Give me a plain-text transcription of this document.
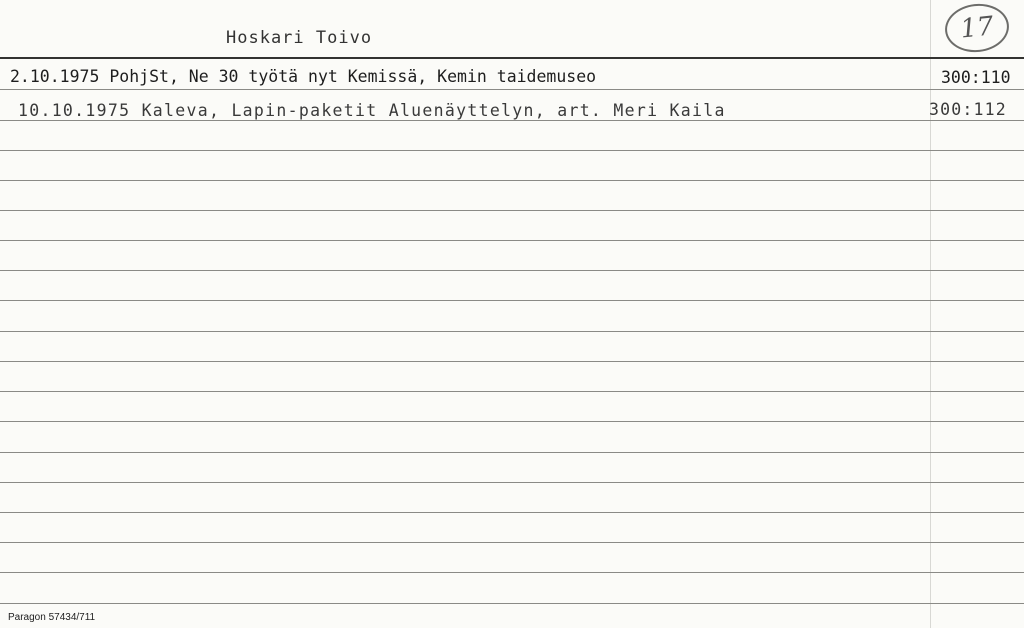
Hoskari Toivo	17
2.10.1975 PohjSt, Ne 30 työtä nyt Kemissä, Kemin taidemuseo	300:110
10.10.1975 Kaleva, Lapin-paketit Aluenäyttelyn, art. Meri Kaila	300:112
Paragon 57434/711
